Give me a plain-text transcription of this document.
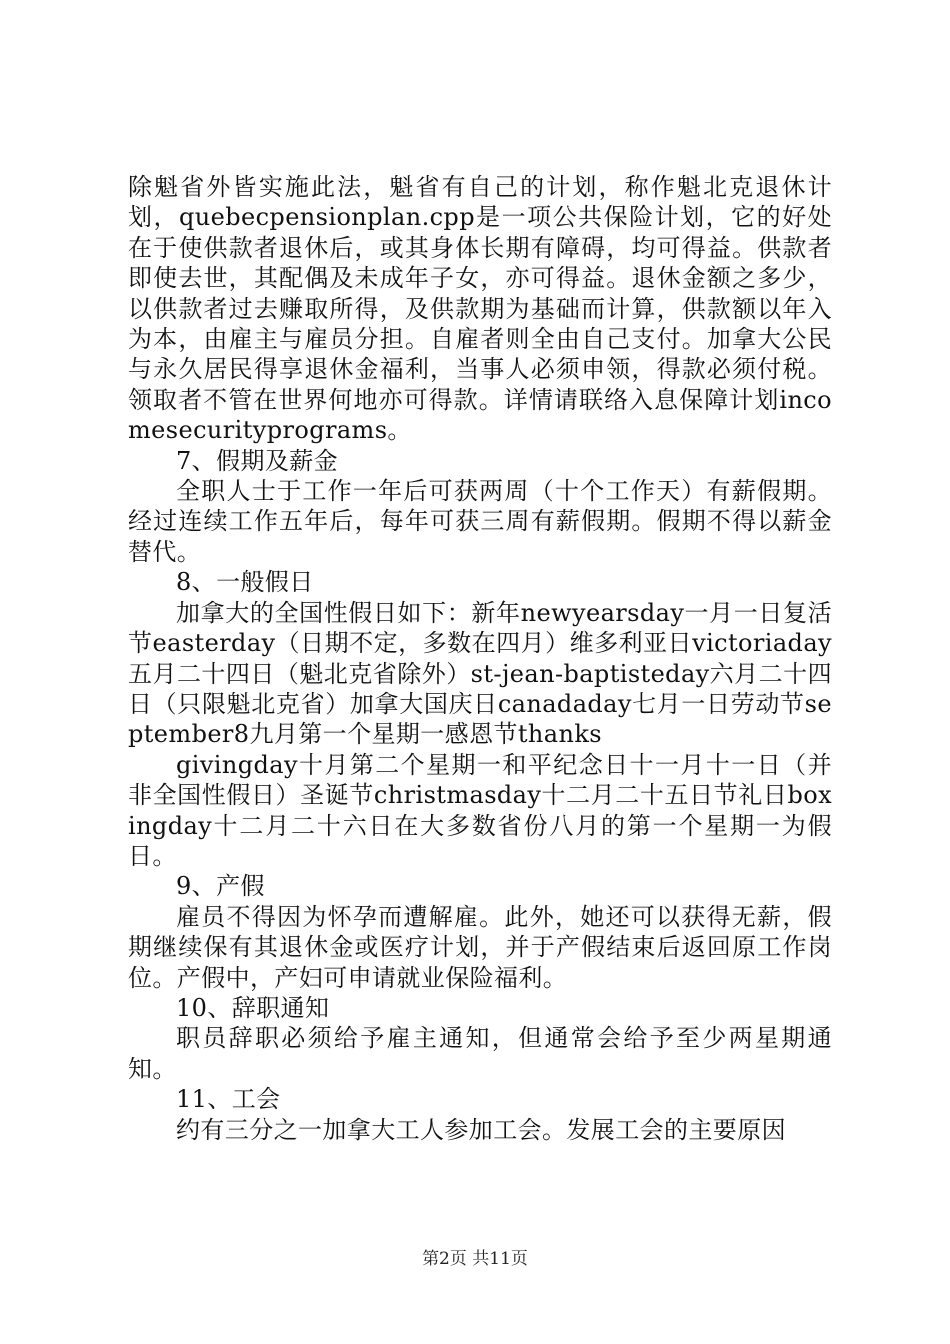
除魁省外皆实施此法，魁省有自己的计划，称作魁北克退休计划，quebecpensionplan.cpp是一项公共保险计划，它的好处在于使供款者退休后，或其身体长期有障碍，均可得益。供款者即使去世，其配偶及未成年子女，亦可得益。退休金额之多少，以供款者过去赚取所得，及供款期为基础而计算，供款额以年入为本，由雇主与雇员分担。自雇者则全由自己支付。加拿大公民与永久居民得享退休金福利，当事人必须申领，得款必须付税。领取者不管在世界何地亦可得款。详情请联络入息保障计划incomesecurityprograms。

7、假期及薪金

全职人士于工作一年后可获两周（十个工作天）有薪假期。经过连续工作五年后，每年可获三周有薪假期。假期不得以薪金替代。

8、一般假日

加拿大的全国性假日如下：新年newyearsday一月一日复活节easterday（日期不定，多数在四月）维多利亚日victoriaday五月二十四日（魁北克省除外）st-jean-baptisteday六月二十四日（只限魁北克省）加拿大国庆日canadaday七月一日劳动节september8九月第一个星期一感恩节thanks

givingday十月第二个星期一和平纪念日十一月十一日（并非全国性假日）圣诞节christmasday十二月二十五日节礼日boxingday十二月二十六日在大多数省份八月的第一个星期一为假日。

9、产假

雇员不得因为怀孕而遭解雇。此外，她还可以获得无薪，假期继续保有其退休金或医疗计划，并于产假结束后返回原工作岗位。产假中，产妇可申请就业保险福利。

10、辞职通知

职员辞职必须给予雇主通知，但通常会给予至少两星期通知。

11、工会

约有三分之一加拿大工人参加工会。发展工会的主要原因

第2页 共11页
